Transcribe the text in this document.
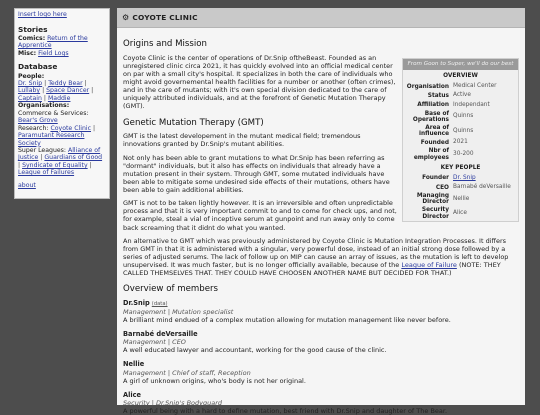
Insert logo here
Stories
Comics: Return of the Apprentice
Misc: Field Logs
Database
People:
Dr. Snip | Teddy Bear | Lullaby | Space Dancer | Captain | Maddie
Organisations:
Commerce & Services: Bear's Grove
Research: Coyote Clinic | Paramutant Research Society
Super Leagues: Alliance of Justice | Guardians of Good | Syndicate of Equality | League of Failures
about
⚙ COYOTE CLINIC
From Goon to Super, we'll do our best
OVERVIEW
Organisation	Medical Center
Status	Active
Affiliation	Independant
Base of Operations	Quinns
Area of influence	Quinns
Founded	2021
Nbr of employees	30-200
KEY PEOPLE
Founder	Dr. Snip
CEO	Barnabé deVersaille
Managing Director	Nellie
Security Director	Alice
Origins and Mission

Coyote Clinic is the center of operations of Dr.Snip oftheBeast. Founded as an unregistered clinic circa 2021, it has quickly evolved into an official medical center on par with a small city's hospital. It specializes in both the care of individuals who might avoid governemental health facilities for a number or another (often crimes), and in the care of mutants; with it's own special division dedicated to the care of uniquely attributed individuals, and at the forefront of Genetic Mutation Therapy (GMT).

Genetic Mutation Therapy (GMT)

GMT is the latest developement in the mutant medical field; tremendous innovations granted by Dr.Snip's mutant abilities.

Not only has been able to grant mutations to what Dr.Snip has been referring as "dormant" individuals, but it also has effects on individuals that already have a mutation present in their system. Through GMT, some mutated individuals have been able to mitigate some undesired side effects of their mutations, others have been able to gain additional abilities.

GMT is not to be taken lightly however. It is an irreversible and often unpredictable process and that it is very important commit to and to come for check ups, and not, for example, steal a vial of inceptive serum at gunpoint and run away only to come back screaming that it didnt do what you wanted.

An alternative to GMT which was previously administered by Coyote Clinic is Mutation Integration Processes. It differs from GMT in that it is administered with a singular, very powerful dose, instead of an initial strong dose followed by a series of adjusted serums. The lack of follow up on MIP can cause an array of issues, as the mutation is left to develop unsupervised. It was much faster, but is no longer officially available, because of the League of Failure (NOTE: THEY CALLED THEMSELVES THAT. THEY COULD HAVE CHOOSEN ANOTHER NAME BUT DECIDED FOR THAT.)

Overview of members
Dr.Snip (data)
Management | Mutation specialist
A brilliant mind endued of a complex mutation allowing for mutation management like never before.
Barnabé deVersaille
Management | CEO
A well educated lawyer and accountant, working for the good cause of the clinic.
Nellie
Management | Chief of staff, Reception
A girl of unknown origins, who's body is not her original.
Alice
Security | Dr.Snip's Bodyguard
A powerful being with a hard to define mutation, best friend with Dr.Snip and daughter of The Bear.
